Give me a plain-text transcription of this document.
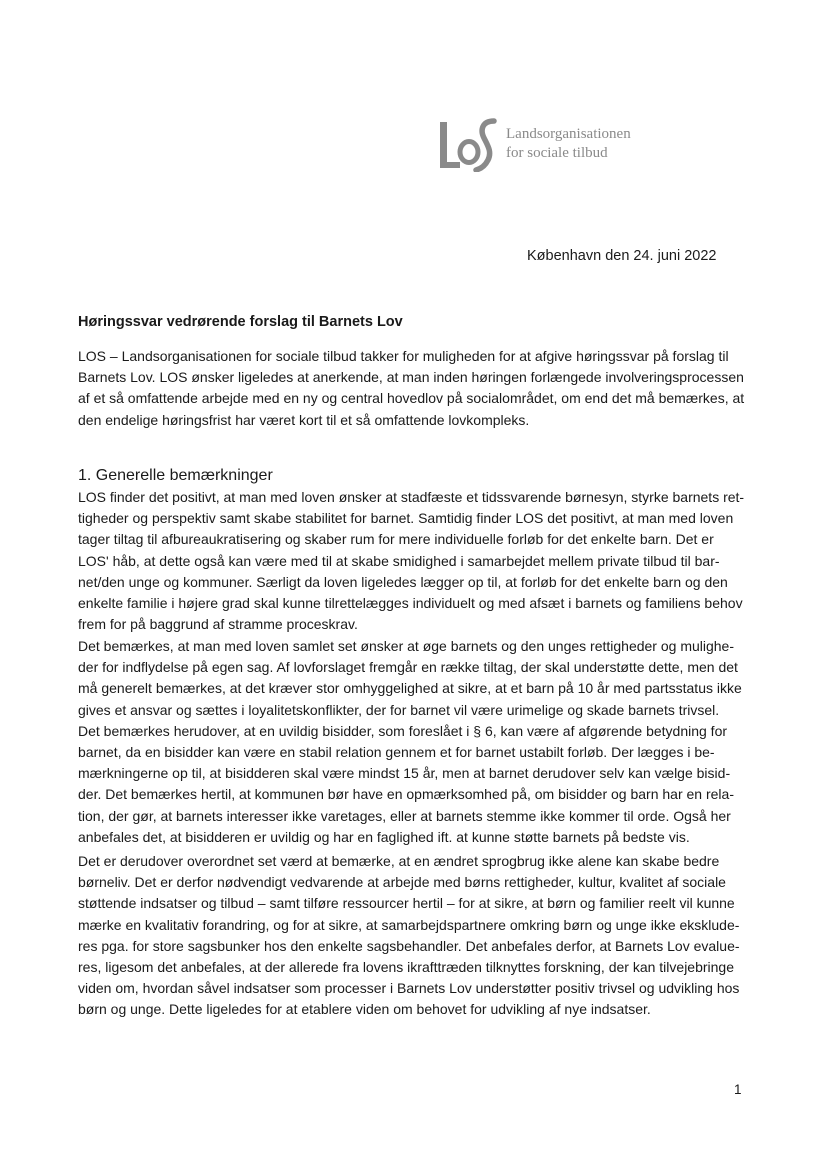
Landsorganisationen
for sociale tilbud
København den 24. juni 2022
Høringssvar vedrørende forslag til Barnets Lov

LOS – Landsorganisationen for sociale tilbud takker for muligheden for at afgive høringssvar på forslag til
Barnets Lov. LOS ønsker ligeledes at anerkende, at man inden høringen forlængede involveringsprocessen
af et så omfattende arbejde med en ny og central hovedlov på socialområdet, om end det må bemærkes, at
den endelige høringsfrist har været kort til et så omfattende lovkompleks.

1. Generelle bemærkninger

LOS finder det positivt, at man med loven ønsker at stadfæste et tidssvarende børnesyn, styrke barnets ret-
tigheder og perspektiv samt skabe stabilitet for barnet. Samtidig finder LOS det positivt, at man med loven
tager tiltag til afbureaukratisering og skaber rum for mere individuelle forløb for det enkelte barn. Det er
LOS' håb, at dette også kan være med til at skabe smidighed i samarbejdet mellem private tilbud til bar-
net/den unge og kommuner. Særligt da loven ligeledes lægger op til, at forløb for det enkelte barn og den
enkelte familie i højere grad skal kunne tilrettelægges individuelt og med afsæt i barnets og familiens behov
frem for på baggrund af stramme proceskrav.

Det bemærkes, at man med loven samlet set ønsker at øge barnets og den unges rettigheder og mulighe-
der for indflydelse på egen sag. Af lovforslaget fremgår en række tiltag, der skal understøtte dette, men det
må generelt bemærkes, at det kræver stor omhyggelighed at sikre, at et barn på 10 år med partsstatus ikke
gives et ansvar og sættes i loyalitetskonflikter, der for barnet vil være urimelige og skade barnets trivsel.
Det bemærkes herudover, at en uvildig bisidder, som foreslået i § 6, kan være af afgørende betydning for
barnet, da en bisidder kan være en stabil relation gennem et for barnet ustabilt forløb. Der lægges i be-
mærkningerne op til, at bisidderen skal være mindst 15 år, men at barnet derudover selv kan vælge bisid-
der. Det bemærkes hertil, at kommunen bør have en opmærksomhed på, om bisidder og barn har en rela-
tion, der gør, at barnets interesser ikke varetages, eller at barnets stemme ikke kommer til orde. Også her
anbefales det, at bisidderen er uvildig og har en faglighed ift. at kunne støtte barnets på bedste vis.

Det er derudover overordnet set værd at bemærke, at en ændret sprogbrug ikke alene kan skabe bedre
børneliv. Det er derfor nødvendigt vedvarende at arbejde med børns rettigheder, kultur, kvalitet af sociale
støttende indsatser og tilbud – samt tilføre ressourcer hertil – for at sikre, at børn og familier reelt vil kunne
mærke en kvalitativ forandring, og for at sikre, at samarbejdspartnere omkring børn og unge ikke eksklude-
res pga. for store sagsbunker hos den enkelte sagsbehandler. Det anbefales derfor, at Barnets Lov evalue-
res, ligesom det anbefales, at der allerede fra lovens ikrafttræden tilknyttes forskning, der kan tilvejebringe
viden om, hvordan såvel indsatser som processer i Barnets Lov understøtter positiv trivsel og udvikling hos
børn og unge. Dette ligeledes for at etablere viden om behovet for udvikling af nye indsatser.

1
